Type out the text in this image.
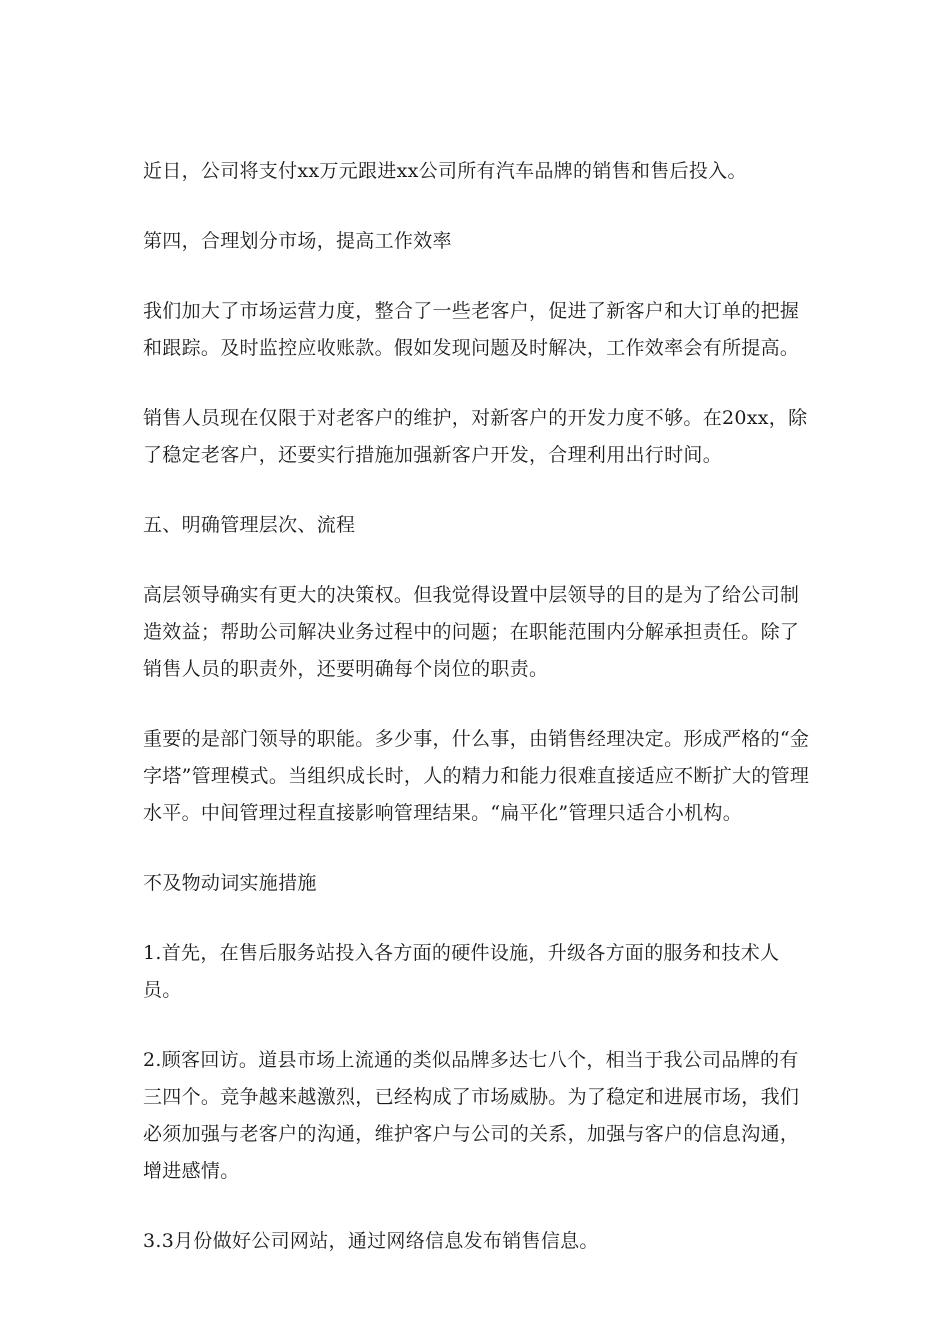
近日，公司将支付xx万元跟进xx公司所有汽车品牌的销售和售后投入。

第四，合理划分市场，提高工作效率

我们加大了市场运营力度，整合了一些老客户，促进了新客户和大订单的把握和跟踪。及时监控应收账款。假如发现问题及时解决，工作效率会有所提高。

销售人员现在仅限于对老客户的维护，对新客户的开发力度不够。在20xx，除了稳定老客户，还要实行措施加强新客户开发，合理利用出行时间。

五、明确管理层次、流程

高层领导确实有更大的决策权。但我觉得设置中层领导的目的是为了给公司制造效益；帮助公司解决业务过程中的问题；在职能范围内分解承担责任。除了销售人员的职责外，还要明确每个岗位的职责。

重要的是部门领导的职能。多少事，什么事，由销售经理决定。形成严格的“金字塔”管理模式。当组织成长时，人的精力和能力很难直接适应不断扩大的管理水平。中间管理过程直接影响管理结果。“扁平化”管理只适合小机构。

不及物动词实施措施

1.首先，在售后服务站投入各方面的硬件设施，升级各方面的服务和技术人员。

2.顾客回访。道县市场上流通的类似品牌多达七八个，相当于我公司品牌的有三四个。竞争越来越激烈，已经构成了市场威胁。为了稳定和进展市场，我们必须加强与老客户的沟通，维护客户与公司的关系，加强与客户的信息沟通，增进感情。

3.3月份做好公司网站，通过网络信息发布销售信息。
